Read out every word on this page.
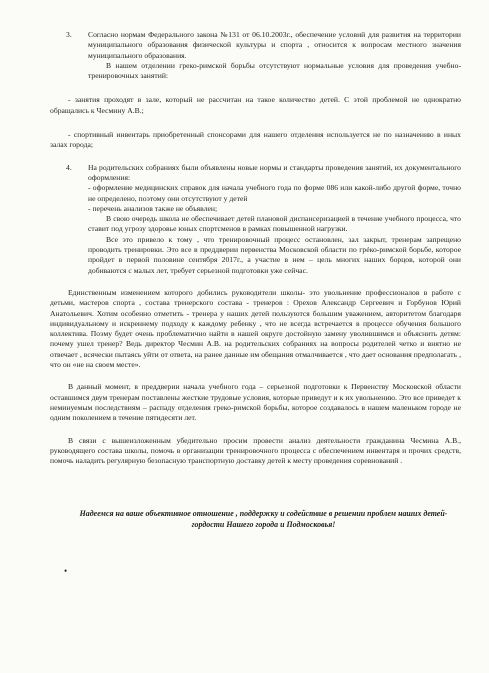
3.	Согласно нормам Федерального закона №131 от 06.10.2003г., обеспечение условий для развития на территории муниципального образования физической культуры и спорта , относится к вопросам местного значения муниципального образования.

В нашем отделении греко-римской борьбы отсутствуют нормальные условия для проведения учебно-тренировочных занятий:

- занятия проходят в зале, который не рассчитан на такое количество детей. С этой проблемой не однократно обращались к Чесмину А.В.;

- спортивный инвентарь приобретенный спонсорами для нашего отделения используется не по назначению в иных залах города;

4.	На родительских собраниях были объявлены новые нормы и стандарты проведения занятий, их документального оформления:

- оформление медицинских справок для начала учебного года по форме 086 или какой-либо другой форме, точно не определено, поэтому они отсутствуют у детей

- перечень анализов также не объявлен;

В свою очередь школа не обеспечивает детей плановой диспансеризацией в течение учебного процесса, что ставит под угрозу здоровье юных спортсменов в рамках повышенной нагрузки.

Все это привело к тому , что тренировочный процесс остановлен, зал закрыт, тренерам запрещено проводить тренировки. Это все в преддверии первенства Московской области по грéко-римской борьбе, которое пройдет в первой половине сентября 2017г., а участие в нем – цель многих наших борцов, которой они добиваются с малых лет, требует серьезной подготовки уже сейчас.

Единственным изменением которого добились руководители школы- это увольнение профессионалов в работе с детьми, мастеров спорта , состава тренерского состава - тренеров : Орехов Александр Сергеевич и Горбунов Юрий Анатольевич. Хотим особенно отметить - тренера у наших детей пользуются большим уважением, авторитетом благодаря индивидуальному и искреннему подходу к каждому ребенку , что не всегда встречается в процессе обучения большого коллектива. Поэму будет очень проблематично найти в нашей округе достойную замену уволившимся и объяснить детям: почему ушел тренер? Ведь директор Чесмин А.В. на родительских собраниях на вопросы родителей четко и внятно не отвечает , всячески пытаясь уйти от ответа, на ранее данные им обещания отмалчивается , что дает основания предполагать , что он «не на своем месте».

В данный момент, в преддверии начала учебного года – серьезной подготовки к Первенству Московской области оставшимся двум тренерам поставлены жесткие трудовые условия, которые приведут и к их увольнению. Это все приведет к неминуемым последствиям – распаду отделения греко-римской борьбы, которое создавалось в нашем маленьком городе не одним поколением в течение пятидесяти лет.

В связи с вышеизложенным убедительно просим провести анализ деятельности гражданина Чесмина А.В., руководящего состава школы, помочь в организации тренировочного процесса с обеспечением инвентаря и прочих средств, помочь наладить регулярную безопасную транспортную доставку детей к месту проведения соревнований .

Надеемся на ваше объективное отношение , поддержку и содействие в решении проблем наших детей-гордости Нашего города и Подмосковья!

•
